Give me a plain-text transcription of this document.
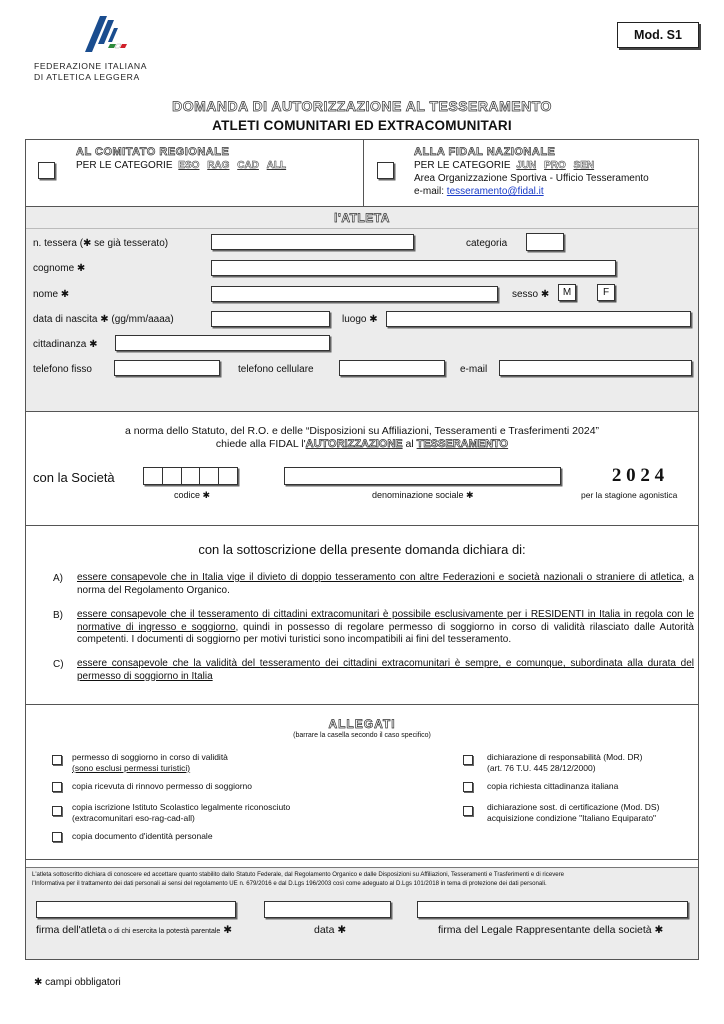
FEDERAZIONE ITALIANA
DI ATLETICA LEGGERA
Mod. S1
DOMANDA DI AUTORIZZAZIONE AL TESSERAMENTO
ATLETI COMUNITARI ED EXTRACOMUNITARI
AL COMITATO REGIONALE
PER LE CATEGORIE ESO RAG CAD ALL
ALLA FIDAL NAZIONALE
PER LE CATEGORIE JUN PRO SEN
Area Organizzazione Sportiva - Ufficio Tesseramento
e-mail: tesseramento@fidal.it
l'ATLETA
n. tessera (✱ se già tesserato)	categoria
cognome ✱
nome ✱	sesso ✱ M	F
data di nascita ✱ (gg/mm/aaaa)	luogo ✱
cittadinanza ✱
telefono fisso	telefono cellulare	e-mail
a norma dello Statuto, del R.O. e delle “Disposizioni su Affiliazioni, Tesseramenti e Trasferimenti 2024”
chiede alla FIDAL l'AUTORIZZAZIONE al TESSERAMENTO
con la Società
codice ✱	denominazione sociale ✱
2 0 2 4
per la stagione agonistica
con la sottoscrizione della presente domanda dichiara di:
A) essere consapevole che in Italia vige il divieto di doppio tesseramento con altre Federazioni e società nazionali o straniere di atletica, a norma del Regolamento Organico.
B) essere consapevole che il tesseramento di cittadini extracomunitari è possibile esclusivamente per i RESIDENTI in Italia in regola con le normative di ingresso e soggiorno, quindi in possesso di regolare permesso di soggiorno in corso di validità rilasciato dalle Autorità competenti. I documenti di soggiorno per motivi turistici sono incompatibili ai fini del tesseramento.
C) essere consapevole che la validità del tesseramento dei cittadini extracomunitari è sempre, e comunque, subordinata alla durata del permesso di soggiorno in Italia
ALLEGATI
(barrare la casella secondo il caso specifico)
permesso di soggiorno in corso di validità
(sono esclusi permessi turistici)
copia ricevuta di rinnovo permesso di soggiorno
copia iscrizione Istituto Scolastico legalmente riconosciuto
(extracomunitari eso-rag-cad-all)
copia documento d'identità personale
dichiarazione di responsabilità (Mod. DR)
(art. 76 T.U. 445 28/12/2000)
copia richiesta cittadinanza italiana
dichiarazione sost. di certificazione (Mod. DS)
acquisizione condizione "Italiano Equiparato"
L'atleta sottoscritto dichiara di conoscere ed accettare quanto stabilito dallo Statuto Federale, dal Regolamento Organico e dalle Disposizioni su Affiliazioni, Tesseramenti e Trasferimenti e di ricevere
l'Informativa per il trattamento dei dati personali ai sensi del regolamento UE n. 679/2016 e dal D.Lgs 196/2003 così come adeguato al D.Lgs 101/2018 in tema di protezione dei dati personali.
firma dell'atleta o di chi esercita la potestà parentale ✱	data ✱	firma del Legale Rappresentante della società ✱
✱ campi obbligatori
